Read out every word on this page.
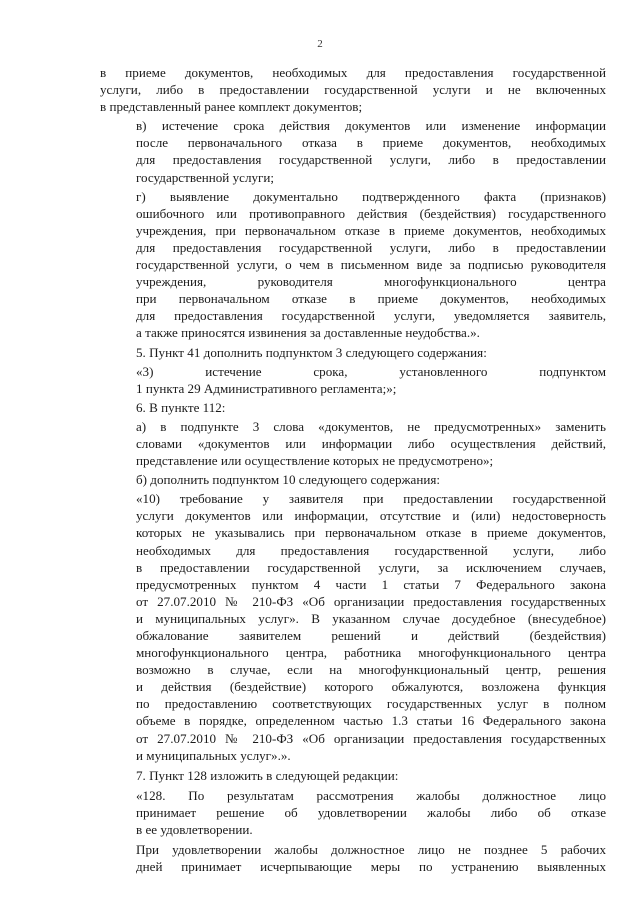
2

в приеме документов, необходимых для предоставления государственной
услуги, либо в предоставлении государственной услуги и не включенных
в представленный ранее комплект документов;

в) истечение срока действия документов или изменение информации
после первоначального отказа в приеме документов, необходимых
для предоставления государственной услуги, либо в предоставлении
государственной услуги;

г) выявление документально подтвержденного факта (признаков)
ошибочного или противоправного действия (бездействия) государственного
учреждения, при первоначальном отказе в приеме документов, необходимых
для предоставления государственной услуги, либо в предоставлении
государственной услуги, о чем в письменном виде за подписью руководителя
учреждения, руководителя многофункционального центра
при первоначальном отказе в приеме документов, необходимых
для предоставления государственной услуги, уведомляется заявитель,
а также приносятся извинения за доставленные неудобства.».

5. Пункт 41 дополнить подпунктом 3 следующего содержания:

«3) истечение срока, установленного подпунктом
1 пункта 29 Административного регламента;»;

6. В пункте 112:

а) в подпункте 3 слова «документов, не предусмотренных» заменить
словами «документов или информации либо осуществления действий,
представление или осуществление которых не предусмотрено»;

б) дополнить подпунктом 10 следующего содержания:

«10) требование у заявителя при предоставлении государственной
услуги документов или информации, отсутствие и (или) недостоверность
которых не указывались при первоначальном отказе в приеме документов,
необходимых для предоставления государственной услуги, либо
в предоставлении государственной услуги, за исключением случаев,
предусмотренных пунктом 4 части 1 статьи 7 Федерального закона
от 27.07.2010 № 210-ФЗ «Об организации предоставления государственных
и муниципальных услуг». В указанном случае досудебное (внесудебное)
обжалование заявителем решений и действий (бездействия)
многофункционального центра, работника многофункционального центра
возможно в случае, если на многофункциональный центр, решения
и действия (бездействие) которого обжалуются, возложена функция
по предоставлению соответствующих государственных услуг в полном
объеме в порядке, определенном частью 1.3 статьи 16 Федерального закона
от 27.07.2010 № 210-ФЗ «Об организации предоставления государственных
и муниципальных услуг».».

7. Пункт 128 изложить в следующей редакции:

«128. По результатам рассмотрения жалобы должностное лицо
принимает решение об удовлетворении жалобы либо об отказе
в ее удовлетворении.

При удовлетворении жалобы должностное лицо не позднее 5 рабочих
дней принимает исчерпывающие меры по устранению выявленных
